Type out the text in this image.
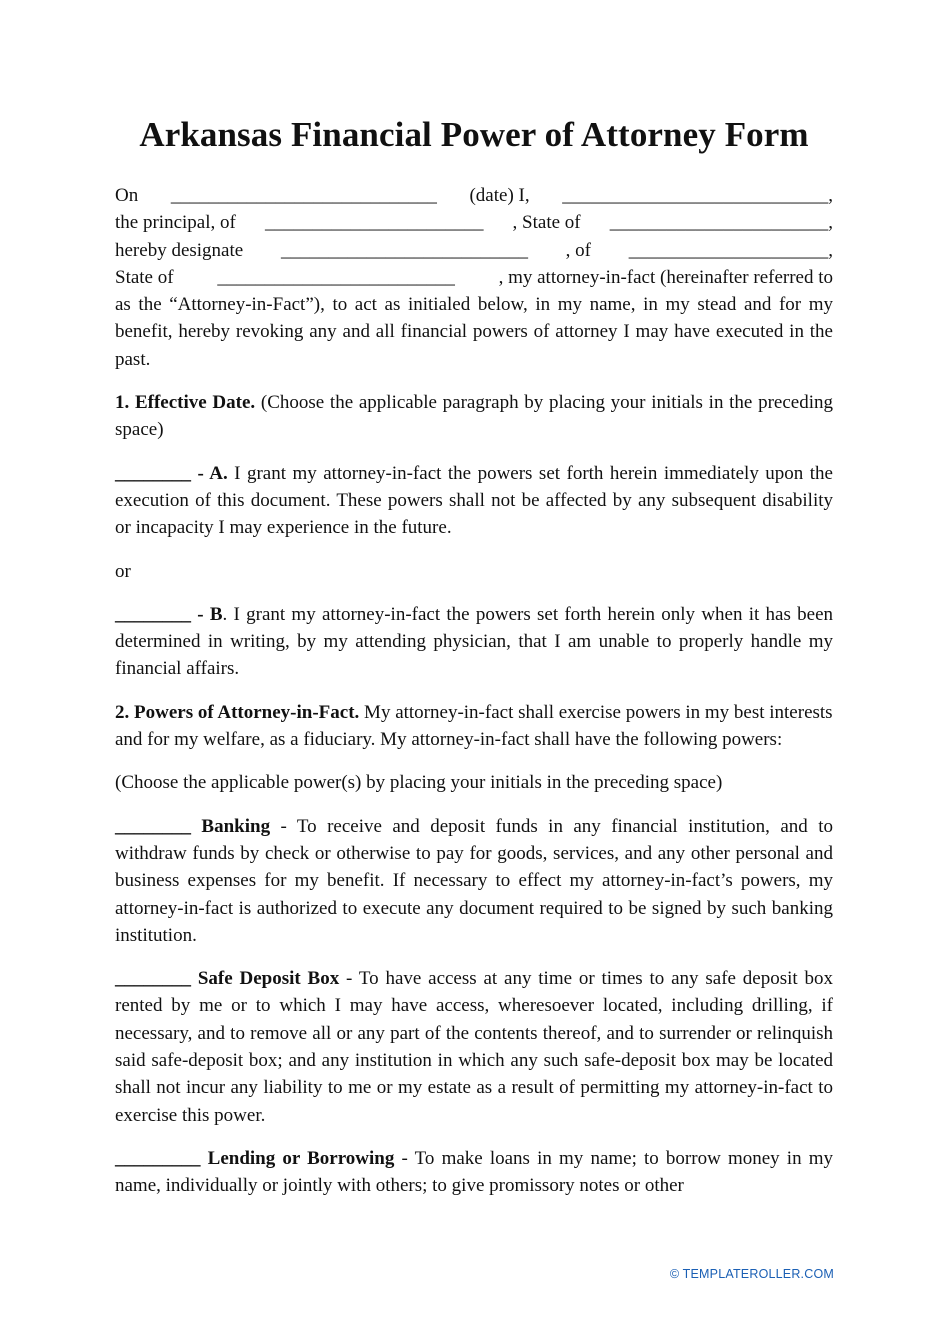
Arkansas Financial Power of Attorney Form
On ____________________________ (date) I, ____________________________,
the principal, of _______________________ , State of _______________________,
hereby designate __________________________ , of _____________________,
State of _________________________ , my attorney-in-fact (hereinafter referred to

as the “Attorney-in-Fact”), to act as initialed below, in my name, in my stead and for my benefit, hereby revoking any and all financial powers of attorney I may have executed in the past.

1. Effective Date. (Choose the applicable paragraph by placing your initials in the preceding space)

________ - A. I grant my attorney-in-fact the powers set forth herein immediately upon the execution of this document. These powers shall not be affected by any subsequent disability or incapacity I may experience in the future.

or

________ - B. I grant my attorney-in-fact the powers set forth herein only when it has been determined in writing, by my attending physician, that I am unable to properly handle my financial affairs.

2. Powers of Attorney-in-Fact. My attorney-in-fact shall exercise powers in my best interests and for my welfare, as a fiduciary. My attorney-in-fact shall have the following powers:

(Choose the applicable power(s) by placing your initials in the preceding space)

________ Banking - To receive and deposit funds in any financial institution, and to withdraw funds by check or otherwise to pay for goods, services, and any other personal and business expenses for my benefit. If necessary to effect my attorney-in-fact’s powers, my attorney-in-fact is authorized to execute any document required to be signed by such banking institution.

________ Safe Deposit Box - To have access at any time or times to any safe deposit box rented by me or to which I may have access, wheresoever located, including drilling, if necessary, and to remove all or any part of the contents thereof, and to surrender or relinquish said safe-deposit box; and any institution in which any such safe-deposit box may be located shall not incur any liability to me or my estate as a result of permitting my attorney-in-fact to exercise this power.

_________ Lending or Borrowing - To make loans in my name; to borrow money in my name, individually or jointly with others; to give promissory notes or other

© TEMPLATEROLLER.COM
